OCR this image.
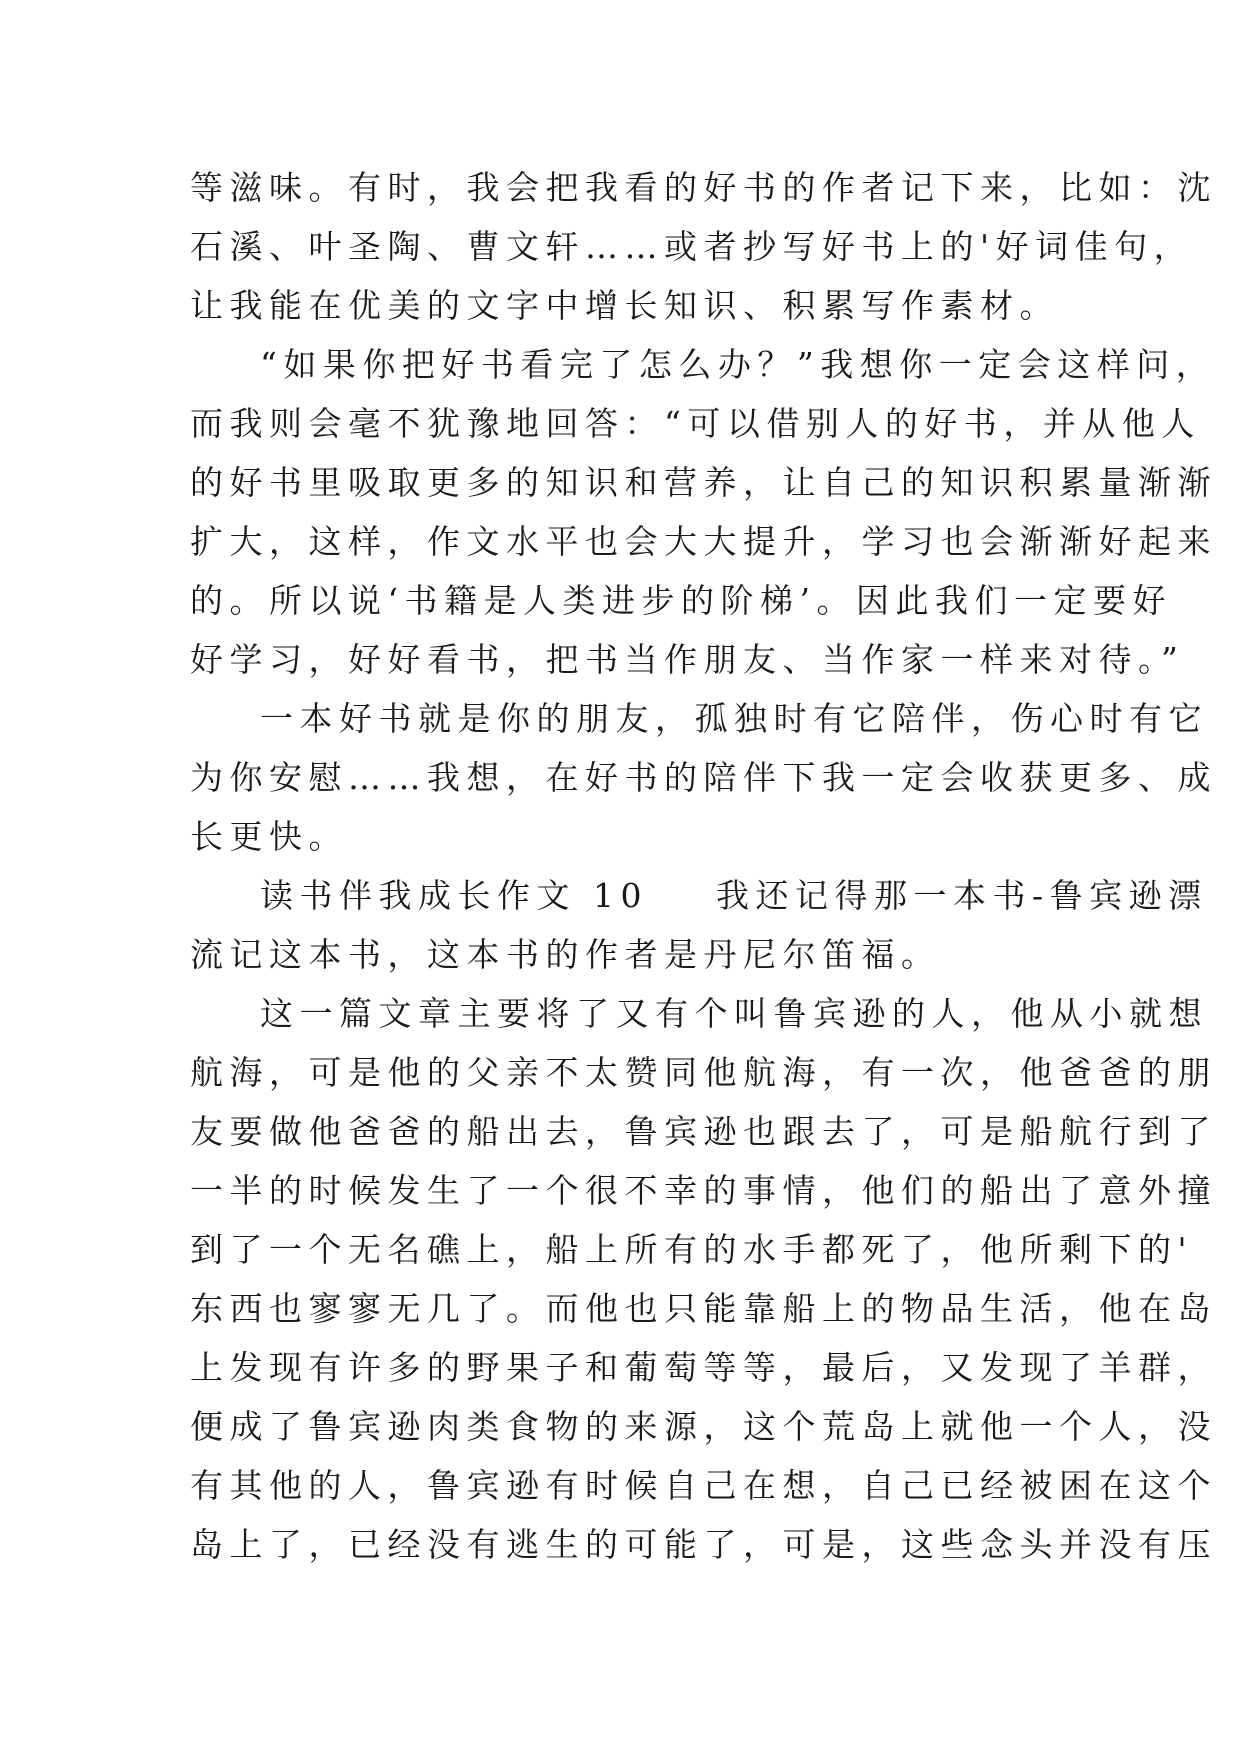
等滋味。有时，我会把我看的好书的作者记下来，比如：沈
石溪、叶圣陶、曹文轩……或者抄写好书上的'好词佳句，
让我能在优美的文字中增长知识、积累写作素材。
“如果你把好书看完了怎么办？”我想你一定会这样问，
而我则会毫不犹豫地回答：“可以借别人的好书，并从他人
的好书里吸取更多的知识和营养，让自己的知识积累量渐渐
扩大，这样，作文水平也会大大提升，学习也会渐渐好起来
的。所以说‘书籍是人类进步的阶梯’。因此我们一定要好
好学习，好好看书，把书当作朋友、当作家一样来对待。”
一本好书就是你的朋友，孤独时有它陪伴，伤心时有它
为你安慰……我想，在好书的陪伴下我一定会收获更多、成
长更快。
读书伴我成长作文 10    我还记得那一本书-鲁宾逊漂
流记这本书，这本书的作者是丹尼尔笛福。
这一篇文章主要将了又有个叫鲁宾逊的人，他从小就想
航海，可是他的父亲不太赞同他航海，有一次，他爸爸的朋
友要做他爸爸的船出去，鲁宾逊也跟去了，可是船航行到了
一半的时候发生了一个很不幸的事情，他们的船出了意外撞
到了一个无名礁上，船上所有的水手都死了，他所剩下的'
东西也寥寥无几了。而他也只能靠船上的物品生活，他在岛
上发现有许多的野果子和葡萄等等，最后，又发现了羊群，
便成了鲁宾逊肉类食物的来源，这个荒岛上就他一个人，没
有其他的人，鲁宾逊有时候自己在想，自己已经被困在这个
岛上了，已经没有逃生的可能了，可是，这些念头并没有压
